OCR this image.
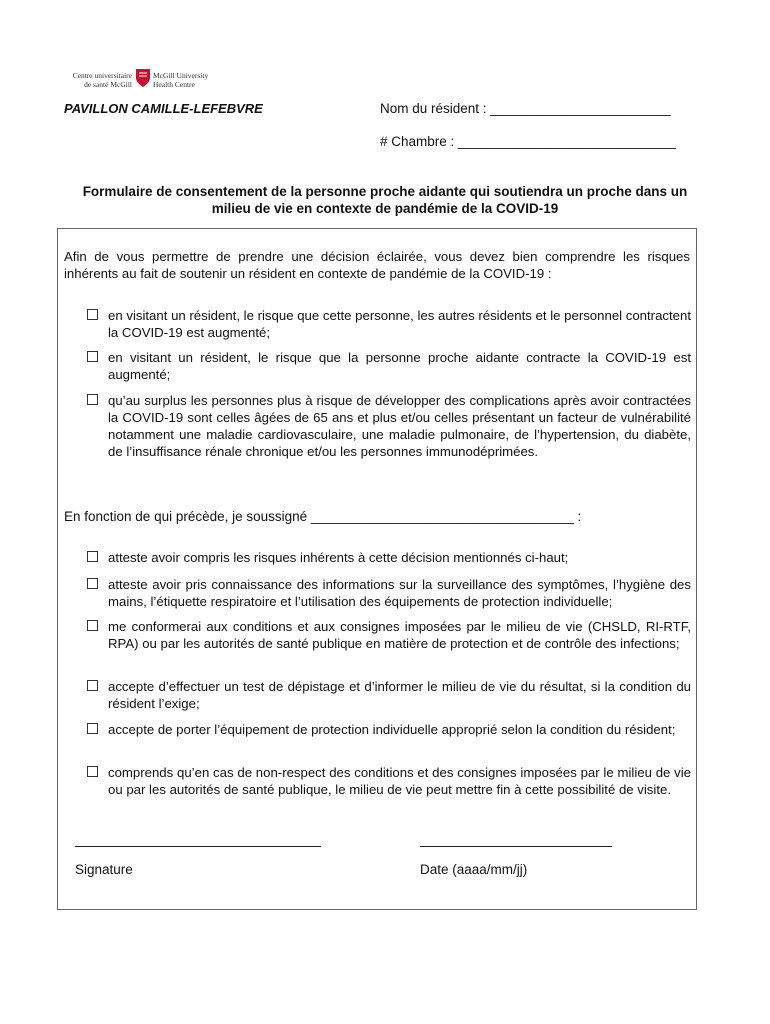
Centre universitaire
de santé McGill
McGill University
Health Centre
PAVILLON CAMILLE-LEFEBVRE	Nom du résident : ________________________
# Chambre : _____________________________
Formulaire de consentement de la personne proche aidante qui soutiendra un proche dans un milieu de vie en contexte de pandémie de la COVID-19
Afin de vous permettre de prendre une décision éclairée, vous devez bien comprendre les risques inhérents au fait de soutenir un résident en contexte de pandémie de la COVID-19 :
en visitant un résident, le risque que cette personne, les autres résidents et le personnel contractent la COVID-19 est augmenté;
en visitant un résident, le risque que la personne proche aidante contracte la COVID-19 est augmenté;
qu’au surplus les personnes plus à risque de développer des complications après avoir contractées la COVID-19 sont celles âgées de 65 ans et plus et/ou celles présentant un facteur de vulnérabilité notamment une maladie cardiovasculaire, une maladie pulmonaire, de l’hypertension, du diabète, de l’insuffisance rénale chronique et/ou les personnes immunodéprimées.
En fonction de qui précède, je soussigné ___________________________________ :
atteste avoir compris les risques inhérents à cette décision mentionnés ci-haut;
atteste avoir pris connaissance des informations sur la surveillance des symptômes, l’hygiène des mains, l’étiquette respiratoire et l’utilisation des équipements de protection individuelle;
me conformerai aux conditions et aux consignes imposées par le milieu de vie (CHSLD, RI-RTF, RPA) ou par les autorités de santé publique en matière de protection et de contrôle des infections;
accepte d’effectuer un test de dépistage et d’informer le milieu de vie du résultat, si la condition du résident l’exige;
accepte de porter l’équipement de protection individuelle approprié selon la condition du résident;
comprends qu’en cas de non-respect des conditions et des consignes imposées par le milieu de vie ou par les autorités de santé publique, le milieu de vie peut mettre fin à cette possibilité de visite.
Signature	Date (aaaa/mm/jj)
